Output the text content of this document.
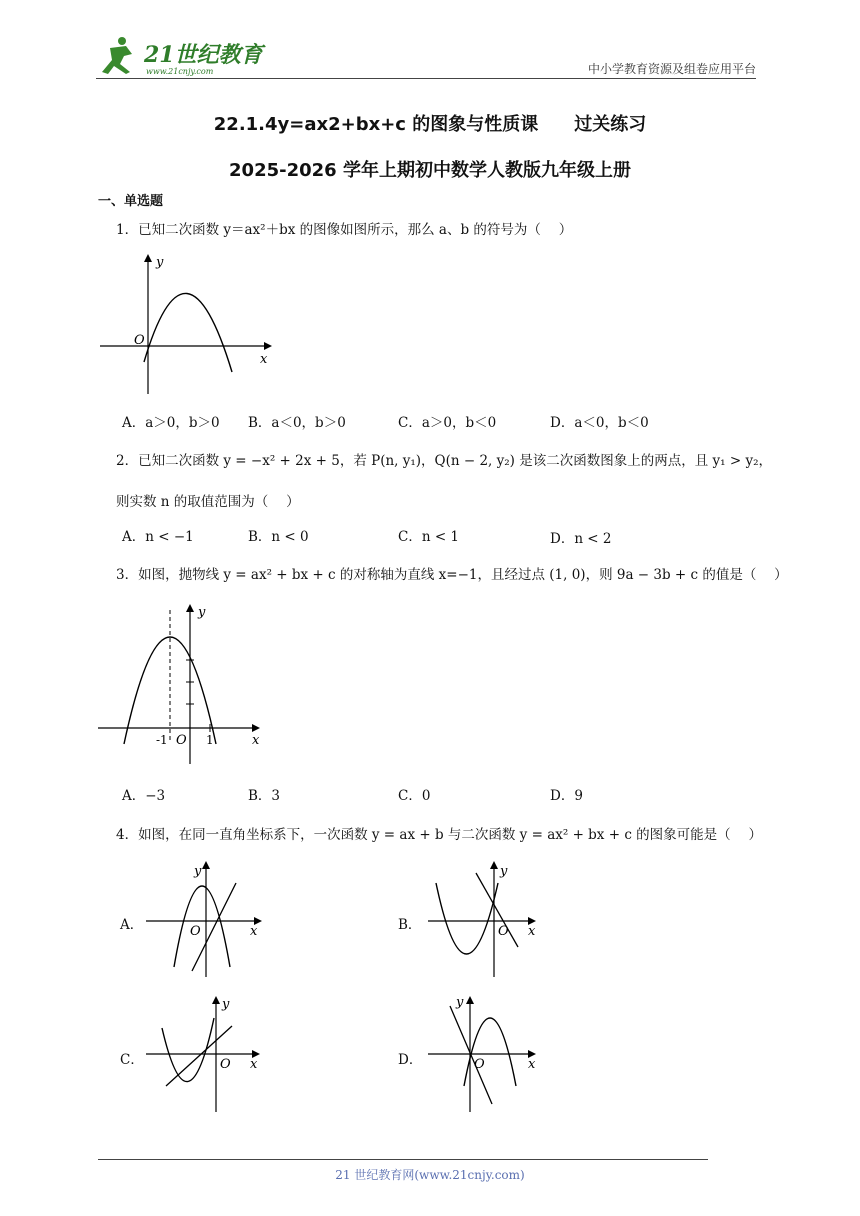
21世纪教育
www.21cnjy.com	中小学教育资源及组卷应用平台
22.1.4y=ax2+bx+c 的图象与性质课　　过关练习
2025-2026 学年上期初中数学人教版九年级上册
一、单选题
1．已知二次函数 y＝ax²＋bx 的图像如图所示，那么 a、b 的符号为（　 ）
y
x
O
A．a＞0，b＞0 B．a＜0，b＞0	C．a＞0，b＜0	D．a＜0，b＜0
2．已知二次函数 y = −x² + 2x + 5，若 P(n, y₁)，Q(n − 2, y₂) 是该二次函数图象上的两点，且 y₁ > y₂，
则实数 n 的取值范围为（　 ）
A．n < −1	B．n < 0	C．n < 1	D．n < 2
3．如图，抛物线 y = ax² + bx + c 的对称轴为直线 x=−1，且经过点 (1, 0)，则 9a − 3b + c 的值是（　 ）
y
x
O
-1	1
A．−3	B．3	C．0	D．9
4．如图，在同一直角坐标系下，一次函数 y = ax + b 与二次函数 y = ax² + bx + c 的图象可能是（　 ）
A．
y
x
O	B．
y
x
O
C．
y
x
O	D．
y
x
O
21 世纪教育网(www.21cnjy.com)
